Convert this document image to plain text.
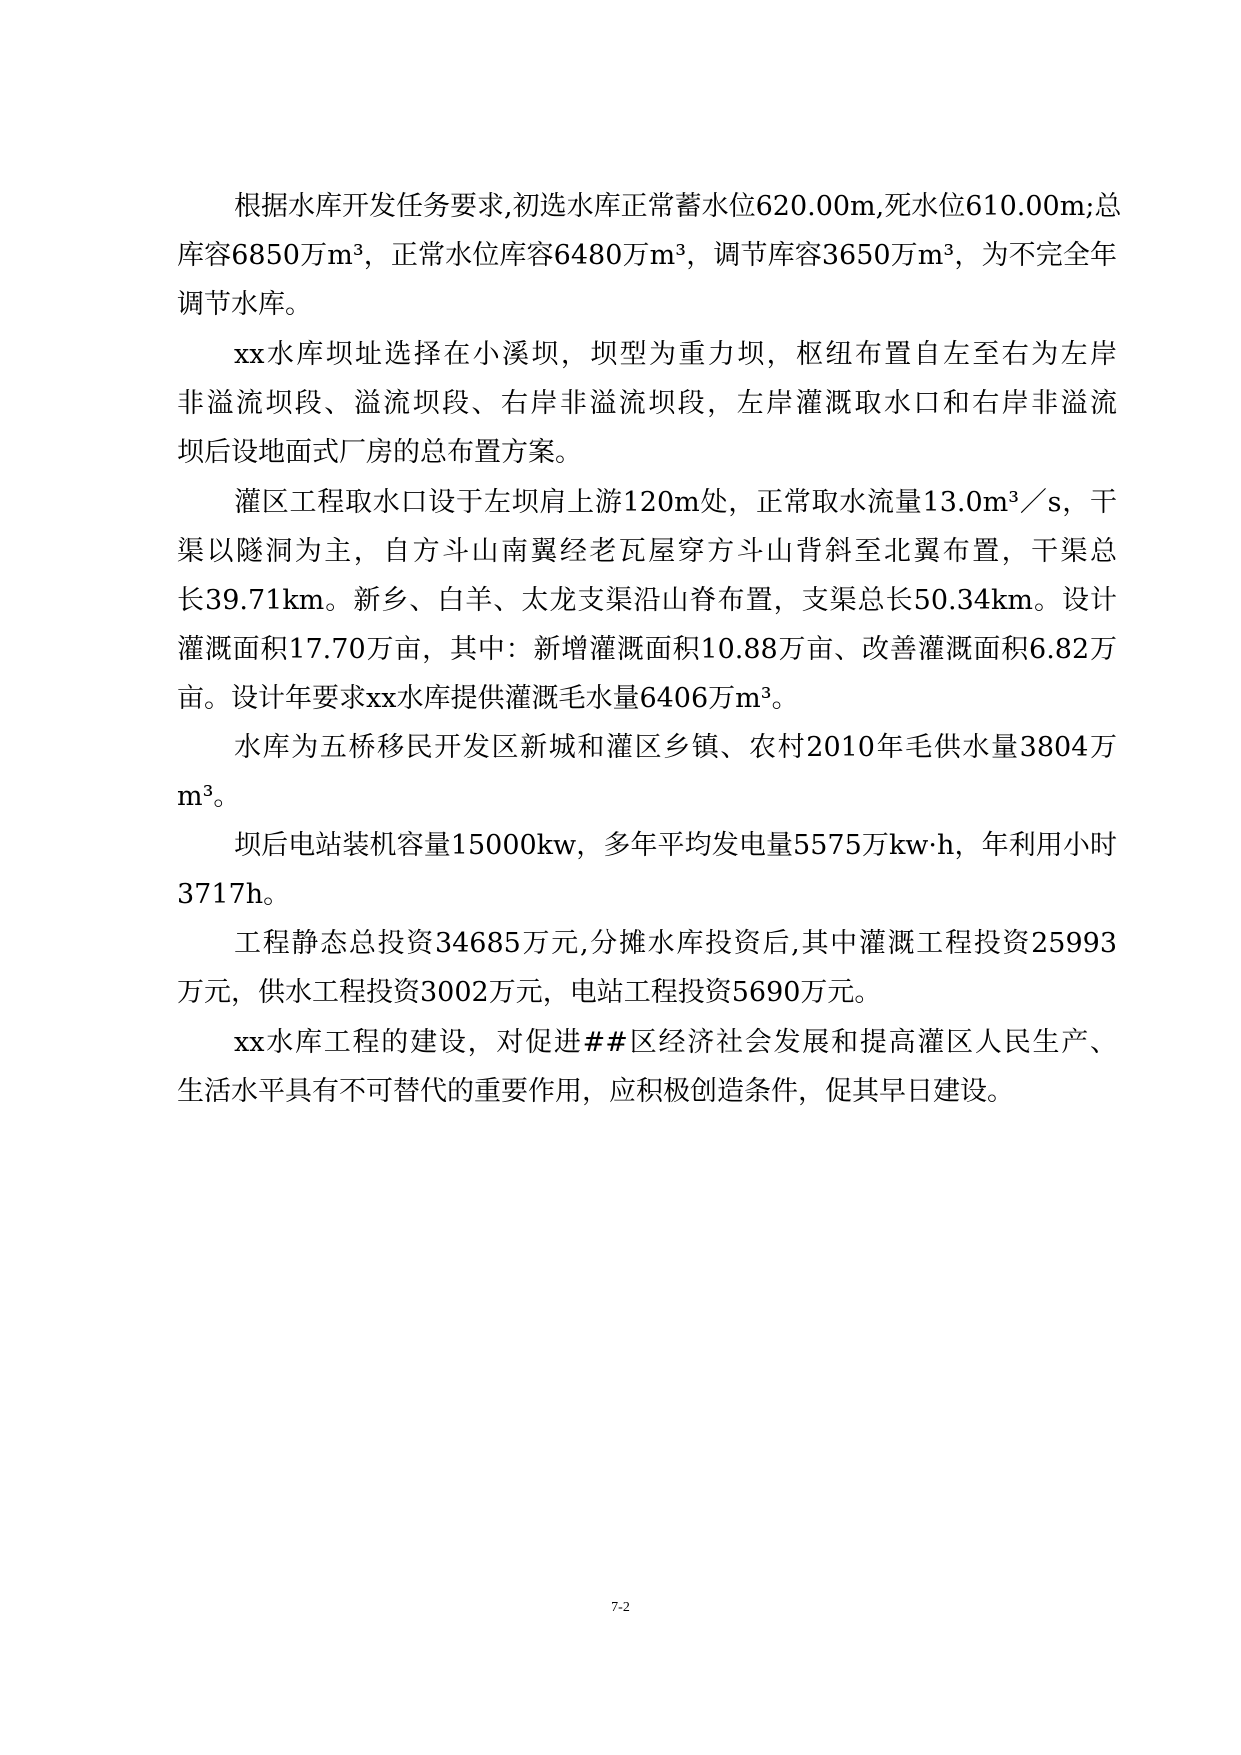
根据水库开发任务要求,初选水库正常蓄水位620.00m,死水位610.00m;总
库容6850万m³，正常水位库容6480万m³，调节库容3650万m³，为不完全年
调节水库。
xx水库坝址选择在小溪坝，坝型为重力坝，枢纽布置自左至右为左岸
非溢流坝段、溢流坝段、右岸非溢流坝段，左岸灌溉取水口和右岸非溢流
坝后设地面式厂房的总布置方案。
灌区工程取水口设于左坝肩上游120m处，正常取水流量13.0m³／s，干
渠以隧洞为主，自方斗山南翼经老瓦屋穿方斗山背斜至北翼布置，干渠总
长39.71km。新乡、白羊、太龙支渠沿山脊布置，支渠总长50.34km。设计
灌溉面积17.70万亩，其中：新增灌溉面积10.88万亩、改善灌溉面积6.82万
亩。设计年要求xx水库提供灌溉毛水量6406万m³。
水库为五桥移民开发区新城和灌区乡镇、农村2010年毛供水量3804万
m³。
坝后电站装机容量15000kw，多年平均发电量5575万kw·h，年利用小时
3717h。
工程静态总投资34685万元,分摊水库投资后,其中灌溉工程投资25993
万元，供水工程投资3002万元，电站工程投资5690万元。
xx水库工程的建设，对促进##区经济社会发展和提高灌区人民生产、
生活水平具有不可替代的重要作用，应积极创造条件，促其早日建设。
7-2
